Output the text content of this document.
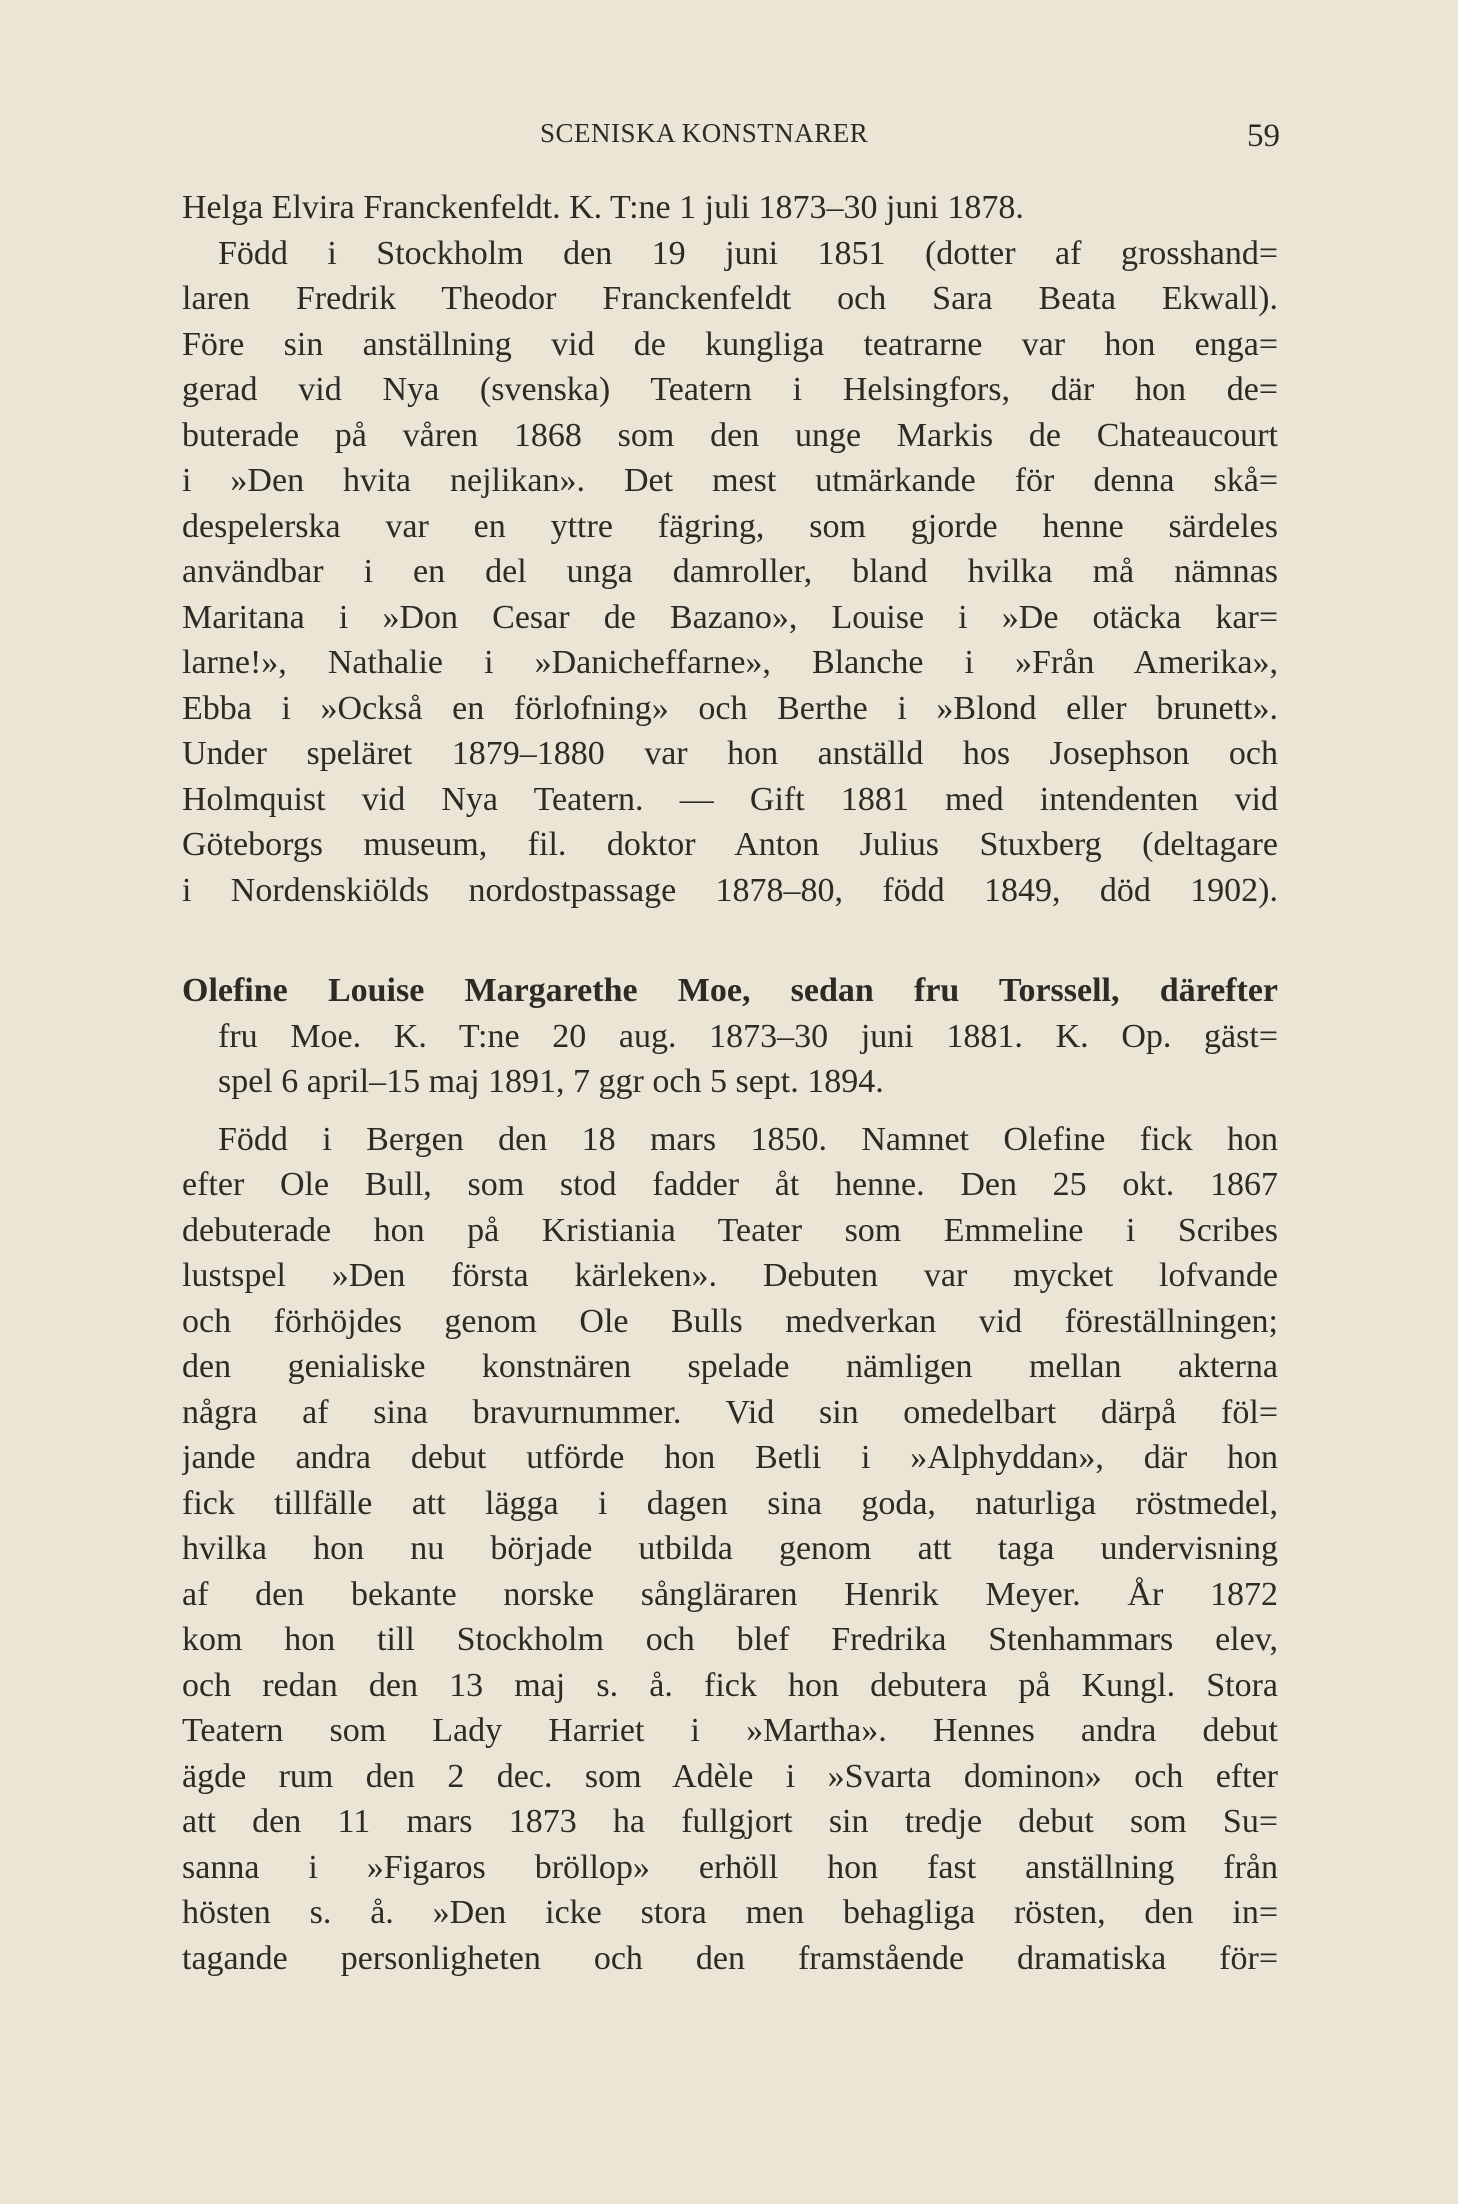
SCENISKA KONSTNARER	59
Helga Elvira Franckenfeldt. K. T:ne 1 juli 1873–30 juni 1878.
Född i Stockholm den 19 juni 1851 (dotter af grosshand=
laren Fredrik Theodor Franckenfeldt och Sara Beata Ekwall).
Före sin anställning vid de kungliga teatrarne var hon enga=
gerad vid Nya (svenska) Teatern i Helsingfors, där hon de=
buterade på våren 1868 som den unge Markis de Chateaucourt
i »Den hvita nejlikan». Det mest utmärkande för denna skå=
despelerska var en yttre fägring, som gjorde henne särdeles
användbar i en del unga damroller, bland hvilka må nämnas
Maritana i »Don Cesar de Bazano», Louise i »De otäcka kar=
larne!», Nathalie i »Danicheffarne», Blanche i »Från Amerika»,
Ebba i »Också en förlofning» och Berthe i »Blond eller brunett».
Under speläret 1879–1880 var hon anställd hos Josephson och
Holmquist vid Nya Teatern. — Gift 1881 med intendenten vid
Göteborgs museum, fil. doktor Anton Julius Stuxberg (deltagare
i Nordenskiölds nordostpassage 1878–80, född 1849, död 1902).
Olefine Louise Margarethe Moe, sedan fru Torssell, därefter
fru Moe. K. T:ne 20 aug. 1873–30 juni 1881. K. Op. gäst=
spel 6 april–15 maj 1891, 7 ggr och 5 sept. 1894.
Född i Bergen den 18 mars 1850. Namnet Olefine fick hon
efter Ole Bull, som stod fadder åt henne. Den 25 okt. 1867
debuterade hon på Kristiania Teater som Emmeline i Scribes
lustspel »Den första kärleken». Debuten var mycket lofvande
och förhöjdes genom Ole Bulls medverkan vid föreställningen;
den genialiske konstnären spelade nämligen mellan akterna
några af sina bravurnummer. Vid sin omedelbart därpå föl=
jande andra debut utförde hon Betli i »Alphyddan», där hon
fick tillfälle att lägga i dagen sina goda, naturliga röstmedel,
hvilka hon nu började utbilda genom att taga undervisning
af den bekante norske sångläraren Henrik Meyer. År 1872
kom hon till Stockholm och blef Fredrika Stenhammars elev,
och redan den 13 maj s. å. fick hon debutera på Kungl. Stora
Teatern som Lady Harriet i »Martha». Hennes andra debut
ägde rum den 2 dec. som Adèle i »Svarta dominon» och efter
att den 11 mars 1873 ha fullgjort sin tredje debut som Su=
sanna i »Figaros bröllop» erhöll hon fast anställning från
hösten s. å. »Den icke stora men behagliga rösten, den in=
tagande personligheten och den framstående dramatiska för=
